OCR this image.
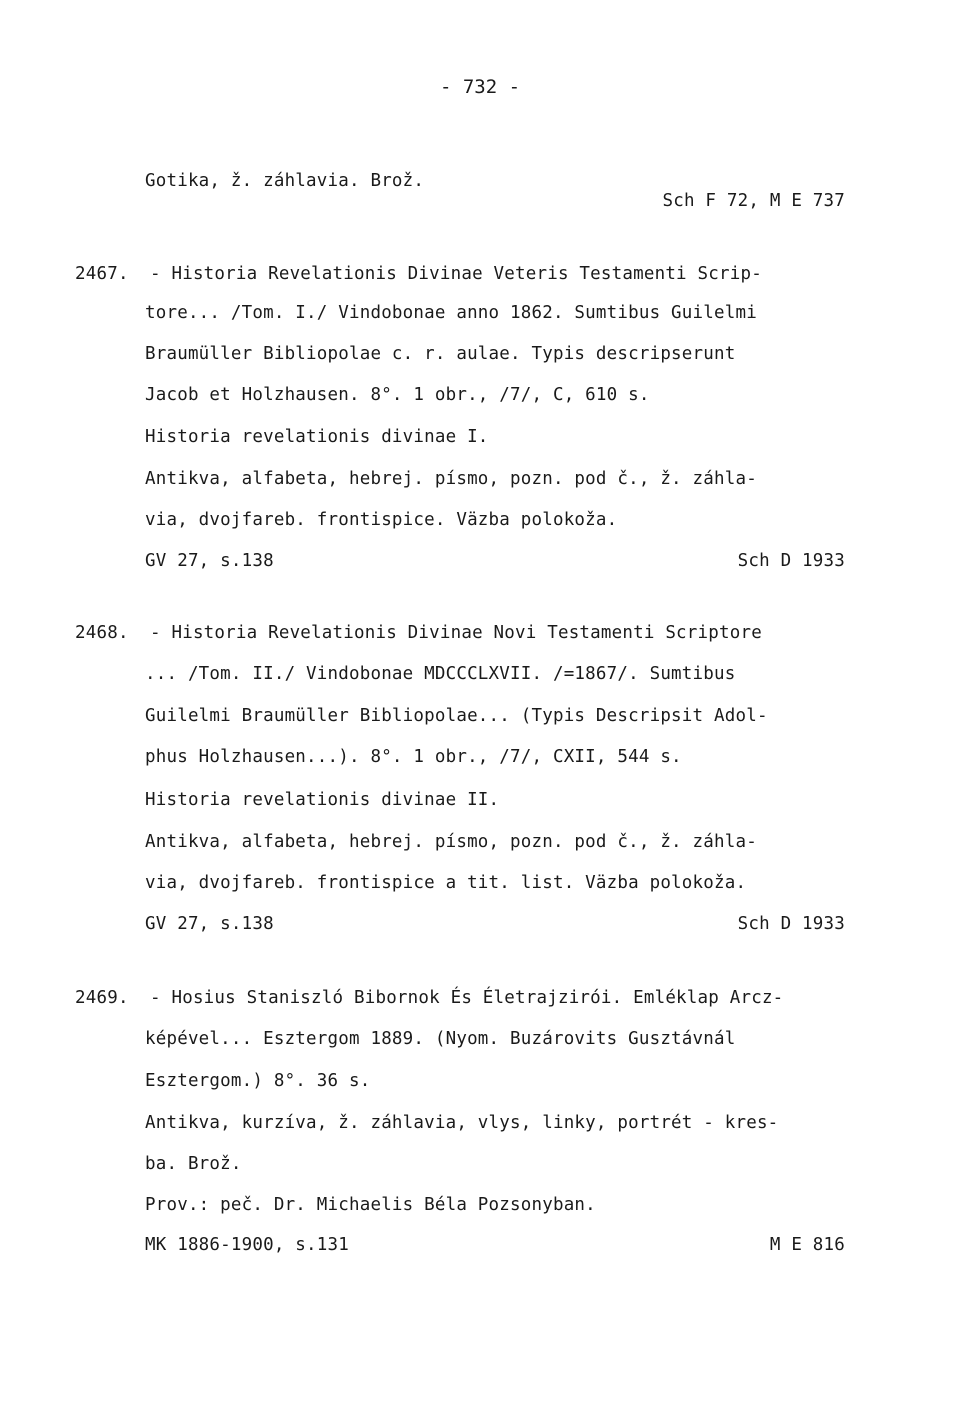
- 732 -
Gotika, ž. záhlavia. Brož.
Sch F 72, M E 737
2467. - Historia Revelationis Divinae Veteris Testamenti Scrip-
tore... /Tom. I./ Vindobonae anno 1862. Sumtibus Guilelmi
Braumüller Bibliopolae c. r. aulae. Typis descripserunt
Jacob et Holzhausen. 8°. 1 obr., /7/, C, 610 s.
Historia revelationis divinae I.
Antikva, alfabeta, hebrej. písmo, pozn. pod č., ž. záhla-
via, dvojfareb. frontispice. Väzba polokoža.
GV 27, s.138	Sch D 1933
2468. - Historia Revelationis Divinae Novi Testamenti Scriptore
... /Tom. II./ Vindobonae MDCCCLXVII. /=1867/. Sumtibus
Guilelmi Braumüller Bibliopolae... (Typis Descripsit Adol-
phus Holzhausen...). 8°. 1 obr., /7/, CXII, 544 s.
Historia revelationis divinae II.
Antikva, alfabeta, hebrej. písmo, pozn. pod č., ž. záhla-
via, dvojfareb. frontispice a tit. list. Väzba polokoža.
GV 27, s.138	Sch D 1933
2469. - Hosius Staniszló Bibornok És Életrajzirói. Emléklap Arcz-
képével... Esztergom 1889. (Nyom. Buzárovits Gusztávnál
Esztergom.) 8°. 36 s.
Antikva, kurzíva, ž. záhlavia, vlys, linky, portrét - kres-
ba. Brož.
Prov.: peč. Dr. Michaelis Béla Pozsonyban.
MK 1886-1900, s.131	M E 816
